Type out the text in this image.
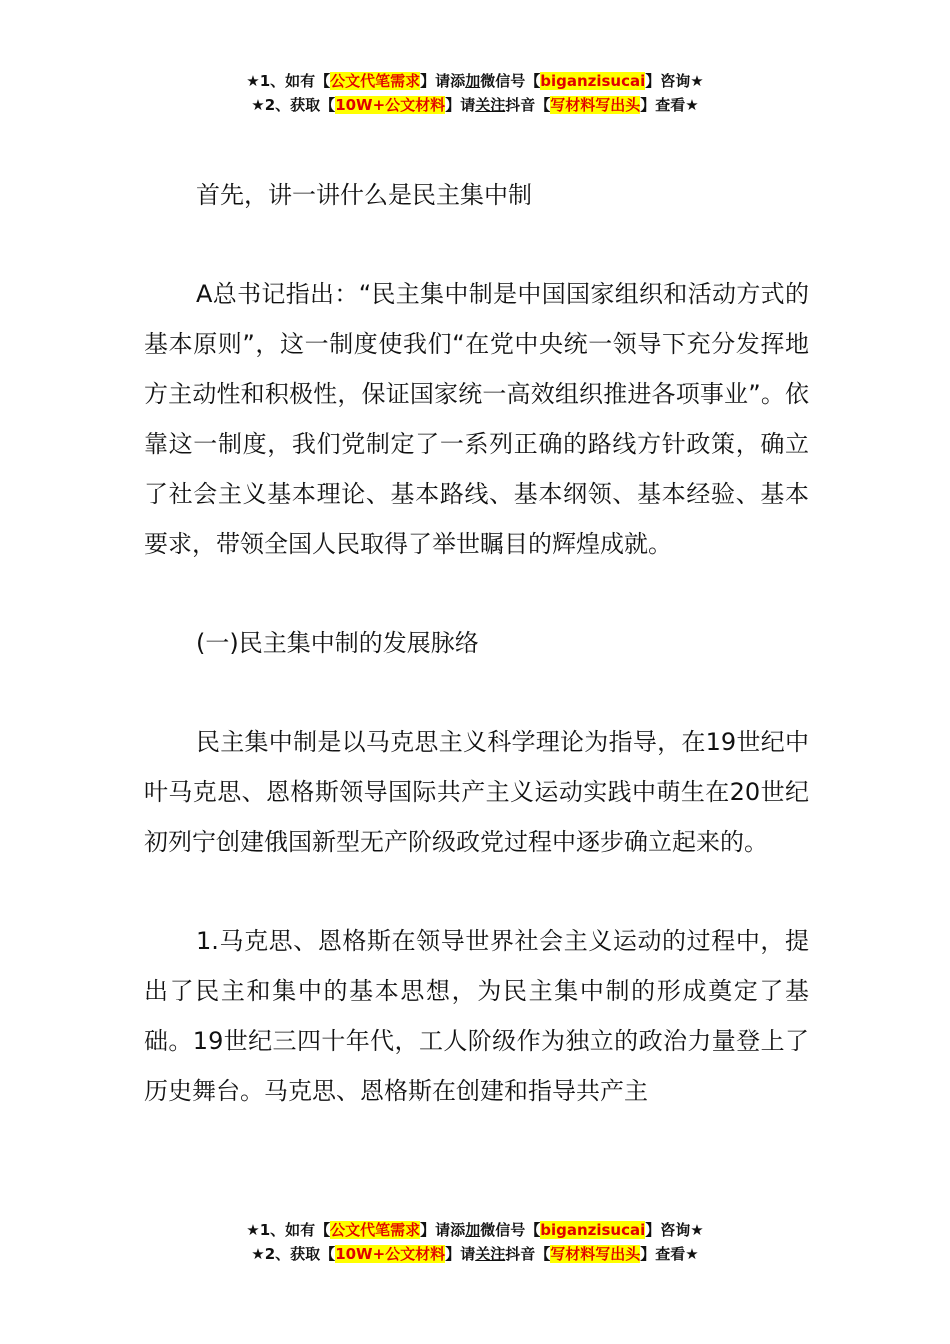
★1、如有【公文代笔需求】请添加微信号【biganzisucai】咨询★
★2、获取【10W+公文材料】请关注抖音【写材料写出头】查看★

首先，讲一讲什么是民主集中制

A总书记指出：“民主集中制是中国国家组织和活动方式的基本原则”，这一制度使我们“在党中央统一领导下充分发挥地方主动性和积极性，保证国家统一高效组织推进各项事业”。依靠这一制度，我们党制定了一系列正确的路线方针政策，确立了社会主义基本理论、基本路线、基本纲领、基本经验、基本要求，带领全国人民取得了举世瞩目的辉煌成就。

(一)民主集中制的发展脉络

民主集中制是以马克思主义科学理论为指导，在19世纪中叶马克思、恩格斯领导国际共产主义运动实践中萌生在20世纪初列宁创建俄国新型无产阶级政党过程中逐步确立起来的。

1.马克思、恩格斯在领导世界社会主义运动的过程中，提出了民主和集中的基本思想，为民主集中制的形成奠定了基础。19世纪三四十年代，工人阶级作为独立的政治力量登上了历史舞台。马克思、恩格斯在创建和指导共产主

★1、如有【公文代笔需求】请添加微信号【biganzisucai】咨询★
★2、获取【10W+公文材料】请关注抖音【写材料写出头】查看★
